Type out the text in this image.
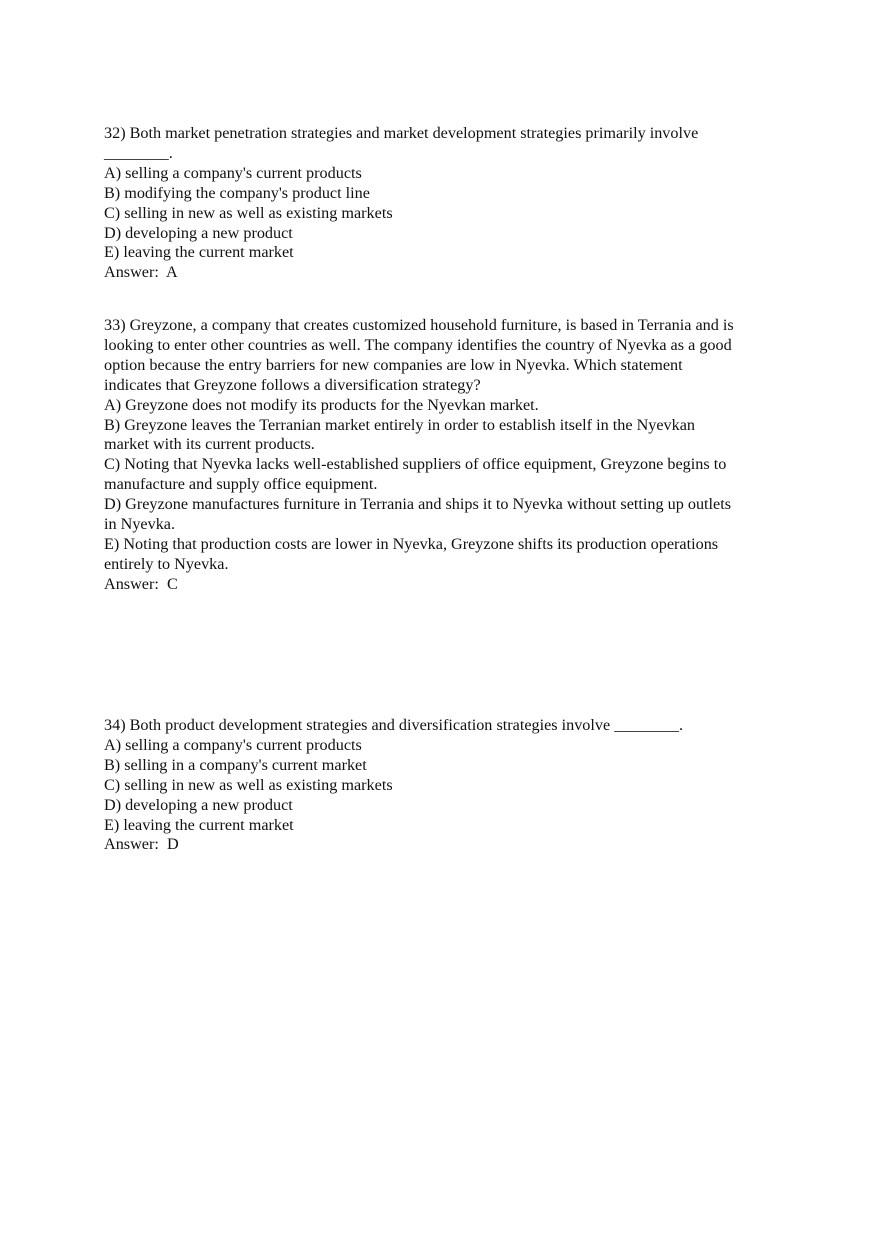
32) Both market penetration strategies and market development strategies primarily involve
________.
A) selling a company's current products
B) modifying the company's product line
C) selling in new as well as existing markets
D) developing a new product
E) leaving the current market
Answer:  A
33) Greyzone, a company that creates customized household furniture, is based in Terrania and is
looking to enter other countries as well. The company identifies the country of Nyevka as a good
option because the entry barriers for new companies are low in Nyevka. Which statement
indicates that Greyzone follows a diversification strategy?
A) Greyzone does not modify its products for the Nyevkan market.
B) Greyzone leaves the Terranian market entirely in order to establish itself in the Nyevkan
market with its current products.
C) Noting that Nyevka lacks well-established suppliers of office equipment, Greyzone begins to
manufacture and supply office equipment.
D) Greyzone manufactures furniture in Terrania and ships it to Nyevka without setting up outlets
in Nyevka.
E) Noting that production costs are lower in Nyevka, Greyzone shifts its production operations
entirely to Nyevka.
Answer:  C
34) Both product development strategies and diversification strategies involve ________.
A) selling a company's current products
B) selling in a company's current market
C) selling in new as well as existing markets
D) developing a new product
E) leaving the current market
Answer:  D
